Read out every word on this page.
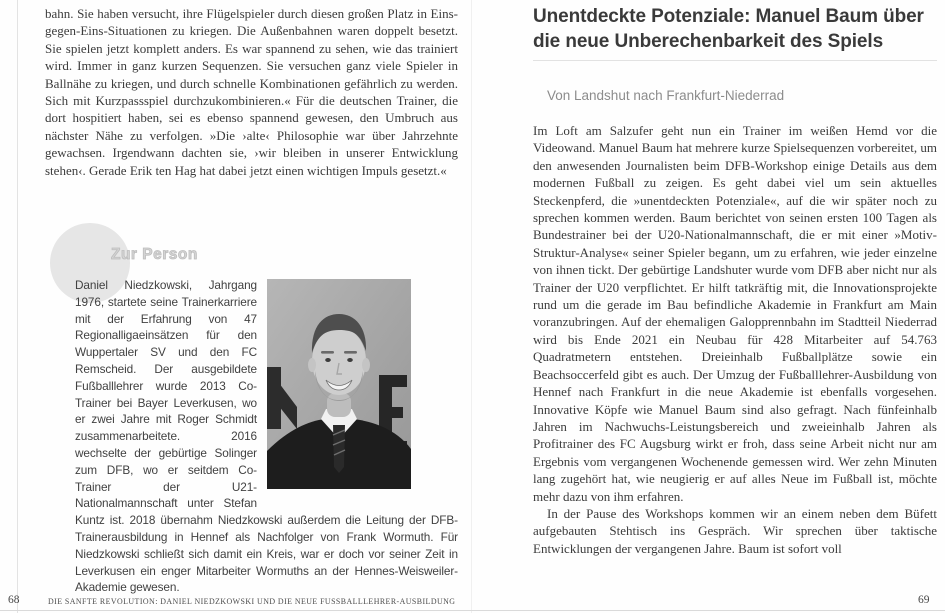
bahn. Sie haben versucht, ihre Flügelspieler durch diesen großen Platz in Eins-gegen-Eins-Situationen zu kriegen. Die Außenbahnen waren doppelt besetzt. Sie spielen jetzt komplett anders. Es war spannend zu sehen, wie das trainiert wird. Immer in ganz kurzen Sequenzen. Sie versuchen ganz viele Spieler in Ballnähe zu kriegen, und durch schnelle Kombinationen gefährlich zu werden. Sich mit Kurzpassspiel durchzukombinieren.« Für die deutschen Trainer, die dort hospitiert haben, sei es ebenso spannend gewesen, den Umbruch aus nächster Nähe zu verfolgen. »Die ›alte‹ Philosophie war über Jahrzehnte gewachsen. Irgendwann dachten sie, ›wir bleiben in unserer Entwicklung stehen‹. Gerade Erik ten Hag hat dabei jetzt einen wichtigen Impuls gesetzt.«
Zur Person
Daniel Niedzkowski, Jahrgang 1976, startete seine Trainerkarriere mit der Erfahrung von 47 Regionalligaeinsätzen für den Wuppertaler SV und den FC Remscheid. Der ausgebildete Fußballlehrer wurde 2013 Co-Trainer bei Bayer Leverkusen, wo er zwei Jahre mit Roger Schmidt zusammenarbeitete. 2016 wechselte der gebürtige Solinger zum DFB, wo er seitdem Co-Trainer der U21-Nationalmannschaft unter Stefan Kuntz ist. 2018 übernahm Niedzkowski außerdem die Leitung der DFB-Trainerausbildung in Hennef als Nachfolger von Frank Wormuth. Für Niedzkowski schließt sich damit ein Kreis, war er doch vor seiner Zeit in Leverkusen ein enger Mitarbeiter Wormuths an der Hennes-Weisweiler-Akademie gewesen.
68	DIE SANFTE REVOLUTION: DANIEL NIEDZKOWSKI UND DIE NEUE FUSSBALLLEHRER-AUSBILDUNG
Unentdeckte Potenziale: Manuel Baum über die neue Unberechenbarkeit des Spiels
Von Landshut nach Frankfurt-Niederrad

Im Loft am Salzufer geht nun ein Trainer im weißen Hemd vor die Videowand. Manuel Baum hat mehrere kurze Spielsequenzen vorbereitet, um den anwesenden Journalisten beim DFB-Workshop einige Details aus dem modernen Fußball zu zeigen. Es geht dabei viel um sein aktuelles Steckenpferd, die »unentdeckten Potenziale«, auf die wir später noch zu sprechen kommen werden. Baum berichtet von seinen ersten 100 Tagen als Bundestrainer bei der U20-Nationalmannschaft, die er mit einer »Motiv-Struktur-Analyse« seiner Spieler begann, um zu erfahren, wie jeder einzelne von ihnen tickt. Der gebürtige Landshuter wurde vom DFB aber nicht nur als Trainer der U20 verpflichtet. Er hilft tatkräftig mit, die Innovationsprojekte rund um die gerade im Bau befindliche Akademie in Frankfurt am Main voranzubringen. Auf der ehemaligen Galopprennbahn im Stadtteil Niederrad wird bis Ende 2021 ein Neubau für 428 Mitarbeiter auf 54.763 Quadratmetern entstehen. Dreieinhalb Fußballplätze sowie ein Beachsoccerfeld gibt es auch. Der Umzug der Fußballlehrer-Ausbildung von Hennef nach Frankfurt in die neue Akademie ist ebenfalls vorgesehen. Innovative Köpfe wie Manuel Baum sind also gefragt. Nach fünfeinhalb Jahren im Nachwuchs-Leistungsbereich und zweieinhalb Jahren als Profitrainer des FC Augsburg wirkt er froh, dass seine Arbeit nicht nur am Ergebnis vom vergangenen Wochenende gemessen wird. Wer zehn Minuten lang zugehört hat, wie neugierig er auf alles Neue im Fußball ist, möchte mehr dazu von ihm erfahren.

In der Pause des Workshops kommen wir an einem neben dem Büfett aufgebauten Stehtisch ins Gespräch. Wir sprechen über taktische Entwicklungen der vergangenen Jahre. Baum ist sofort voll

69
